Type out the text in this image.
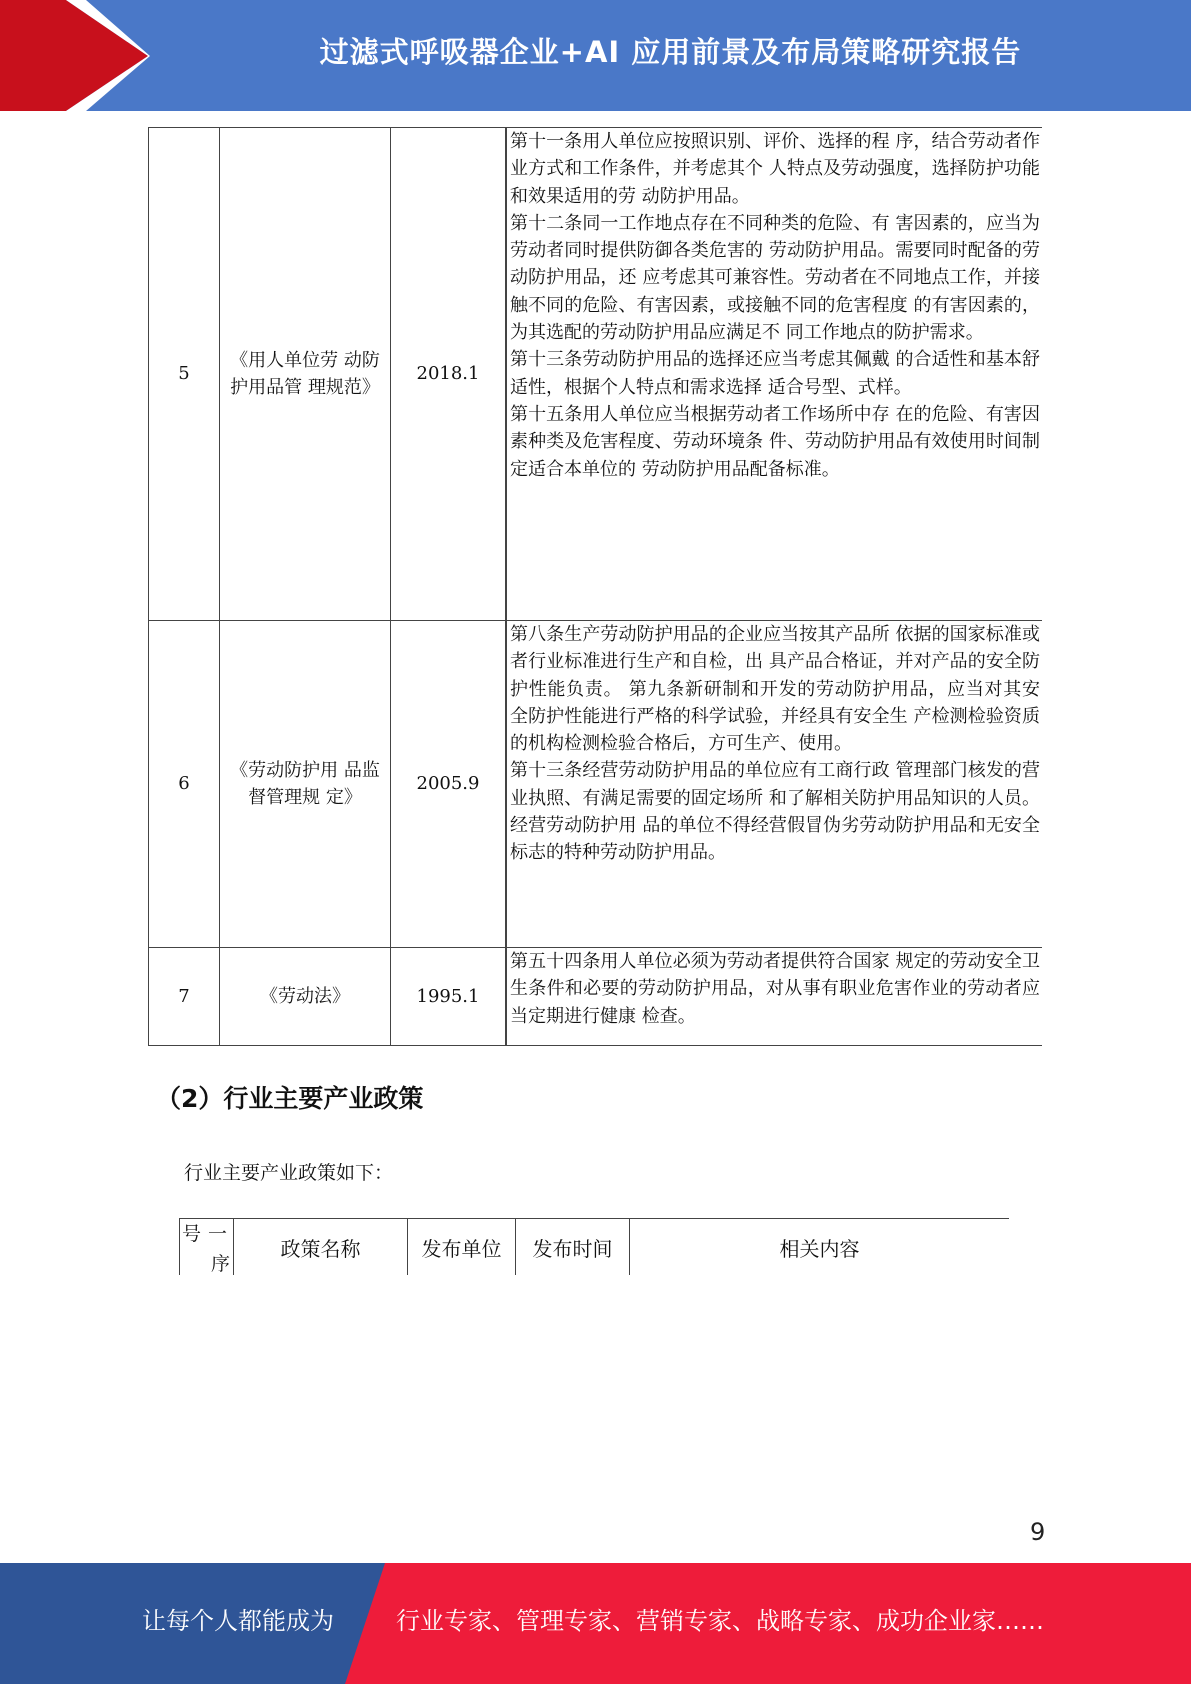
过滤式呼吸器企业+AI 应用前景及布局策略研究报告
5	《用人单位劳 动防护用品管 理规范》	2018.1	第十一条用人单位应按照识别、评价、选择的程 序，结合劳动者作业方式和工作条件，并考虑其个 人特点及劳动强度，选择防护功能和效果适用的劳 动防护用品。

第十二条同一工作地点存在不同种类的危险、有 害因素的，应当为劳动者同时提供防御各类危害的 劳动防护用品。需要同时配备的劳动防护用品，还 应考虑其可兼容性。劳动者在不同地点工作，并接 触不同的危险、有害因素，或接触不同的危害程度 的有害因素的，为其选配的劳动防护用品应满足不 同工作地点的防护需求。

第十三条劳动防护用品的选择还应当考虑其佩戴 的合适性和基本舒适性，根据个人特点和需求选择 适合号型、式样。

第十五条用人单位应当根据劳动者工作场所中存 在的危险、有害因素种类及危害程度、劳动环境条 件、劳动防护用品有效使用时间制定适合本单位的 劳动防护用品配备标准。

6	《劳动防护用 品监督管理规 定》	2005.9	第八条生产劳动防护用品的企业应当按其产品所 依据的国家标准或者行业标准进行生产和自检，出 具产品合格证，并对产品的安全防护性能负责。 第九条新研制和开发的劳动防护用品，应当对其安 全防护性能进行严格的科学试验，并经具有安全生 产检测检验资质的机构检测检验合格后，方可生产、使用。

第十三条经营劳动防护用品的单位应有工商行政 管理部门核发的营业执照、有满足需要的固定场所 和了解相关防护用品知识的人员。经营劳动防护用 品的单位不得经营假冒伪劣劳动防护用品和无安全 标志的特种劳动防护用品。

7	《劳动法》	1995.1	第五十四条用人单位必须为劳动者提供符合国家 规定的劳动安全卫生条件和必要的劳动防护用品，对从事有职业危害作业的劳动者应当定期进行健康 检查。

（2）行业主要产业政策

行业主要产业政策如下：

号 一
序
	政策名称	发布单位	发布时间	相关内容
9
让每个人都能成为	行业专家、管理专家、营销专家、战略专家、成功企业家……
